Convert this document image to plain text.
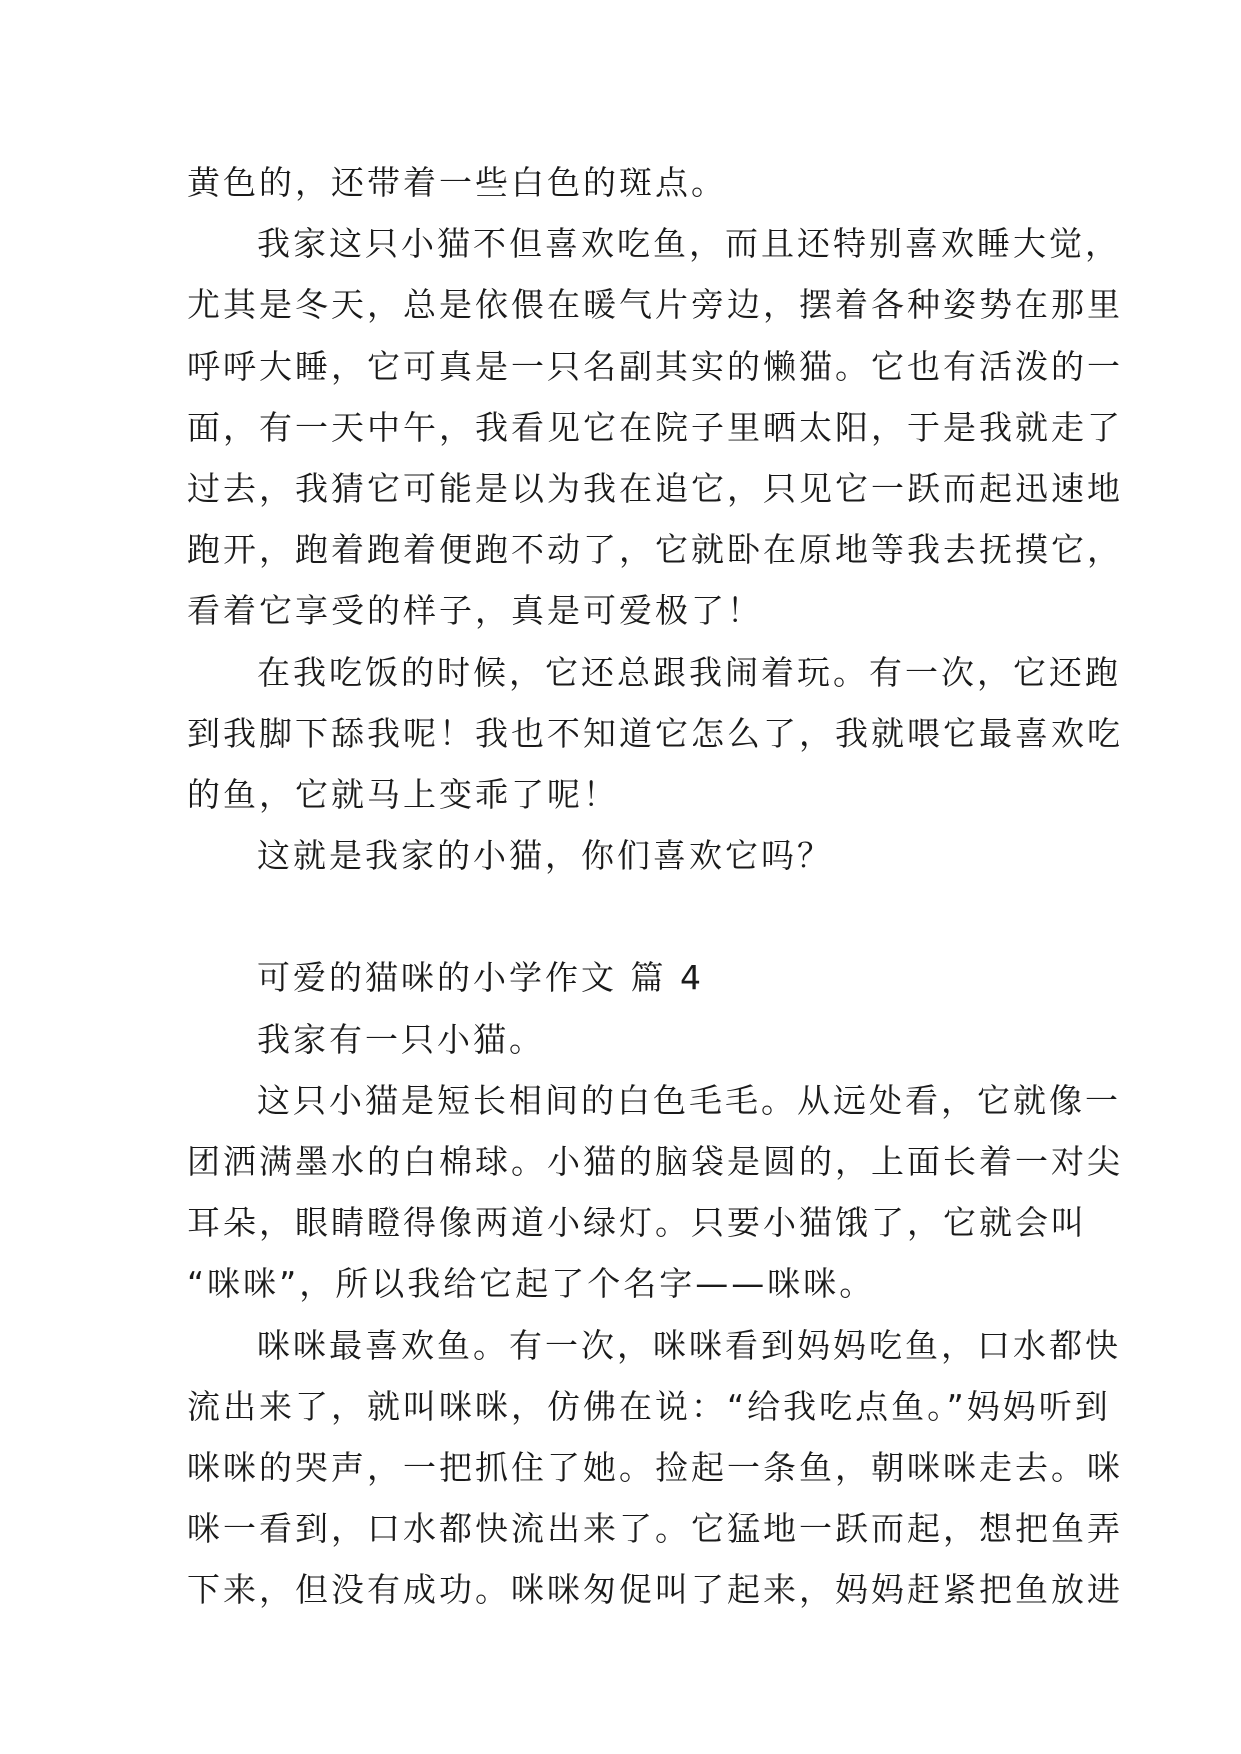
黄色的，还带着一些白色的斑点。
我家这只小猫不但喜欢吃鱼，而且还特别喜欢睡大觉，
尤其是冬天，总是依偎在暖气片旁边，摆着各种姿势在那里
呼呼大睡，它可真是一只名副其实的懒猫。它也有活泼的一
面，有一天中午，我看见它在院子里晒太阳，于是我就走了
过去，我猜它可能是以为我在追它，只见它一跃而起迅速地
跑开，跑着跑着便跑不动了，它就卧在原地等我去抚摸它，
看着它享受的样子，真是可爱极了！
在我吃饭的时候，它还总跟我闹着玩。有一次，它还跑
到我脚下舔我呢！我也不知道它怎么了，我就喂它最喜欢吃
的鱼，它就马上变乖了呢！
这就是我家的小猫，你们喜欢它吗？
可爱的猫咪的小学作文 篇 4
我家有一只小猫。
这只小猫是短长相间的白色毛毛。从远处看，它就像一
团洒满墨水的白棉球。小猫的脑袋是圆的，上面长着一对尖
耳朵，眼睛瞪得像两道小绿灯。只要小猫饿了，它就会叫
“咪咪”，所以我给它起了个名字——咪咪。
咪咪最喜欢鱼。有一次，咪咪看到妈妈吃鱼，口水都快
流出来了，就叫咪咪，仿佛在说：“给我吃点鱼。”妈妈听到
咪咪的哭声，一把抓住了她。捡起一条鱼，朝咪咪走去。咪
咪一看到，口水都快流出来了。它猛地一跃而起，想把鱼弄
下来，但没有成功。咪咪匆促叫了起来，妈妈赶紧把鱼放进
